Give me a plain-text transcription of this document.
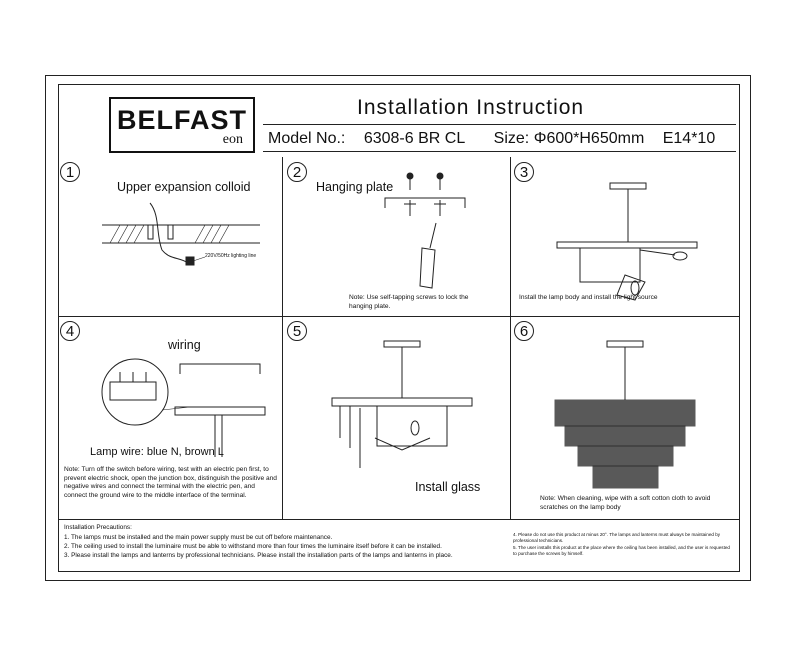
BELFAST
eon
Installation Instruction
Model No.: 6308-6 BR CL Size: Φ600*H650mm E14*10
1
Upper expansion colloid
220V/50Hz lighting line
2
Hanging plate
Note: Use self-tapping screws to lock the hanging plate.
3
Install the lamp body and install the light source
4
wiring
Lamp wire: blue N, brown L
Note: Turn off the switch before wiring, test with an electric pen first, to prevent electric shock, open the junction box, distinguish the positive and negative wires and connect the terminal with the electric pen, and connect the ground wire to the middle interface of the terminal.
5
Install glass
6
Note: When cleaning, wipe with a soft cotton cloth to avoid scratches on the lamp body
Installation Precautions:
1. The lamps must be installed and the main power supply must be cut off before maintenance.
2. The ceiling used to install the luminaire must be able to withstand more than four times the luminaire itself before it can be installed.
3. Please install the lamps and lanterns by professional technicians. Please install the installation parts of the lamps and lanterns in place.
4. Please do not use this product at minus 20°. The lamps and lanterns must always be maintained by professional technicians.
5. The user installs this product at the place where the ceiling has been installed, and the user is requested to purchase the screws by himself.
